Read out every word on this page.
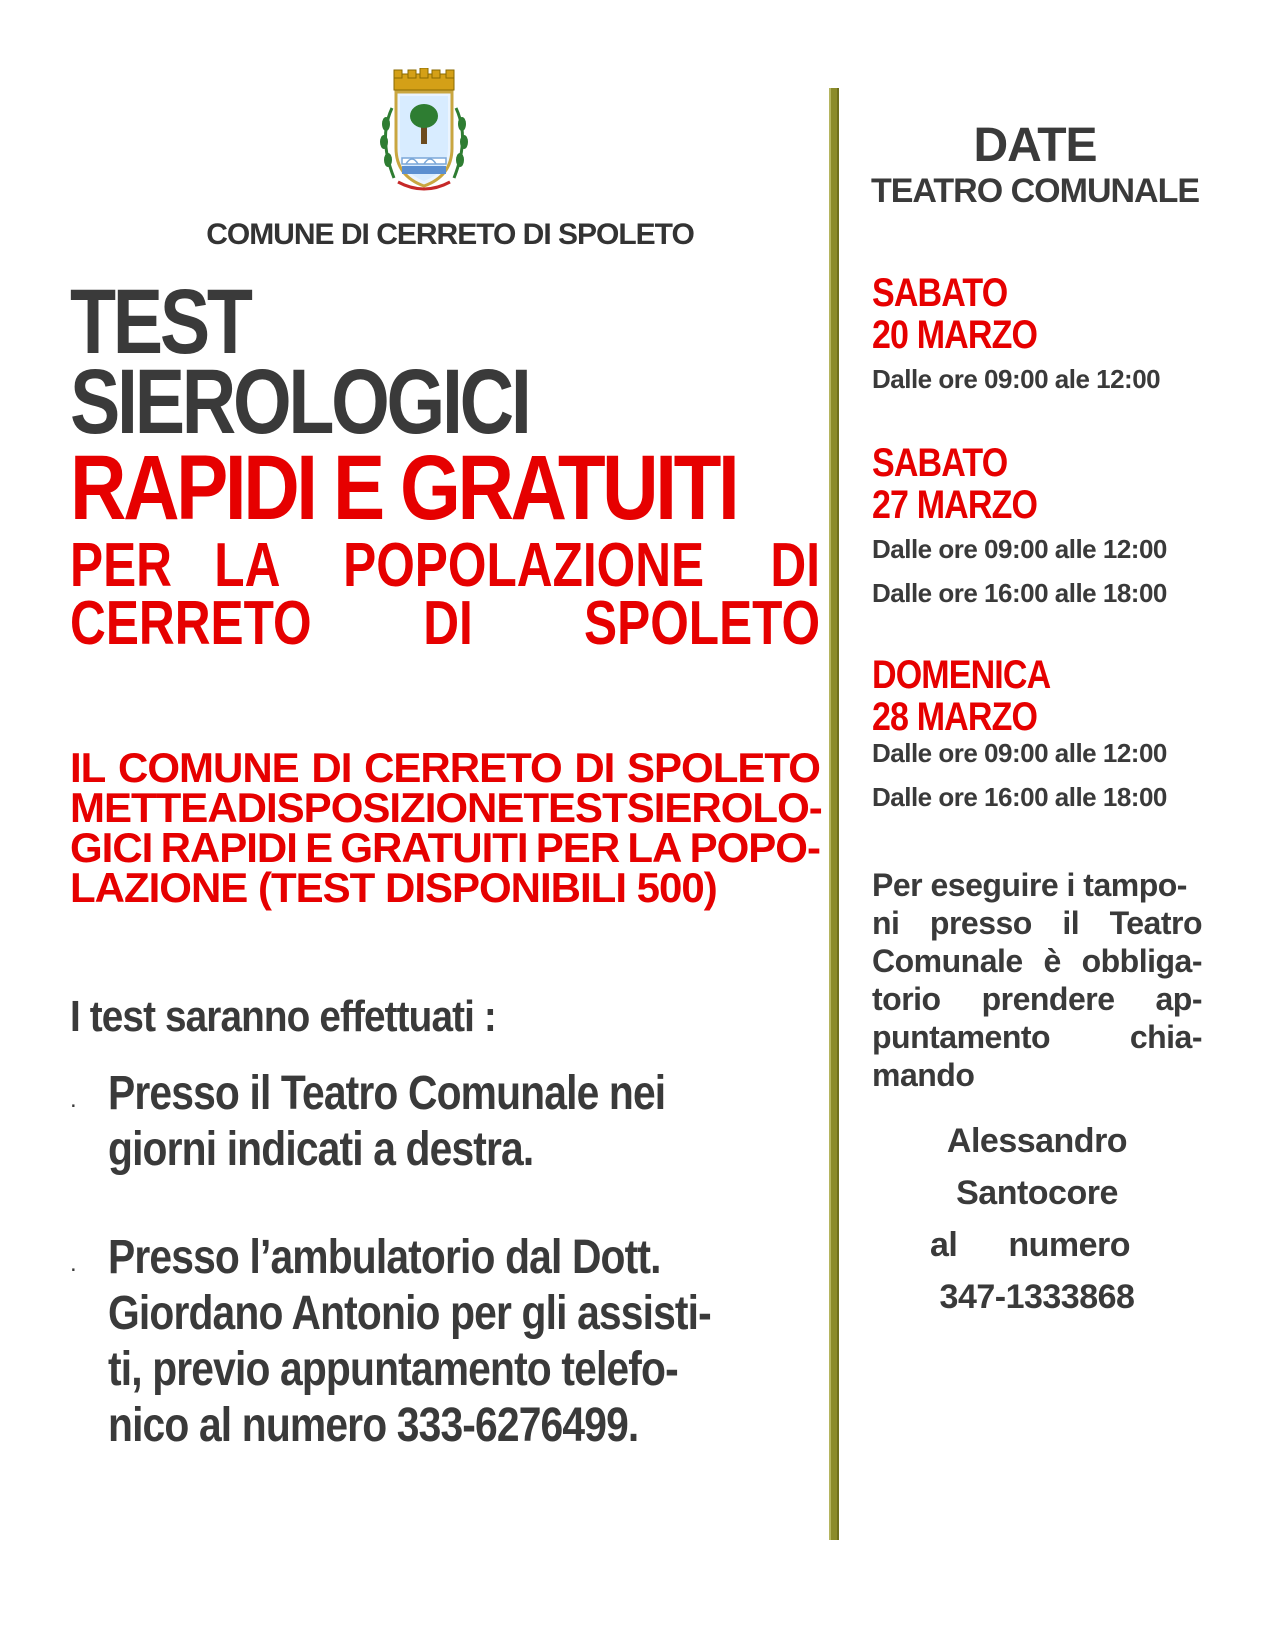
COMUNE DI CERRETO DI SPOLETO
TEST
SIEROLOGICI
RAPIDI E GRATUITI
PER LA POPOLAZIONE DI
CERRETO DI SPOLETO
IL COMUNE DI CERRETO DI SPOLETO
METTE A DISPOSIZIONE TEST SIEROLO-
GICI RAPIDI E GRATUITI PER LA POPO-
LAZIONE (TEST DISPONIBILI 500)
I test saranno effettuati :
. Presso il Teatro Comunale nei
giorni indicati a destra.
. Presso l’ambulatorio dal Dott.
Giordano Antonio per gli assisti-
ti, previo appuntamento telefo-
nico al numero 333-6276499.
DATE
TEATRO COMUNALE
SABATO
20 MARZO
Dalle ore 09:00 ale 12:00
SABATO
27 MARZO
Dalle ore 09:00 alle 12:00
Dalle ore 16:00 alle 18:00
DOMENICA
28 MARZO
Dalle ore 09:00 alle 12:00
Dalle ore 16:00 alle 18:00
Per eseguire i tampo-
ni presso il Teatro
Comunale è obbliga-
torio prendere ap-
puntamento chia-
mando
Alessandro
Santocore
al numero
347-1333868
